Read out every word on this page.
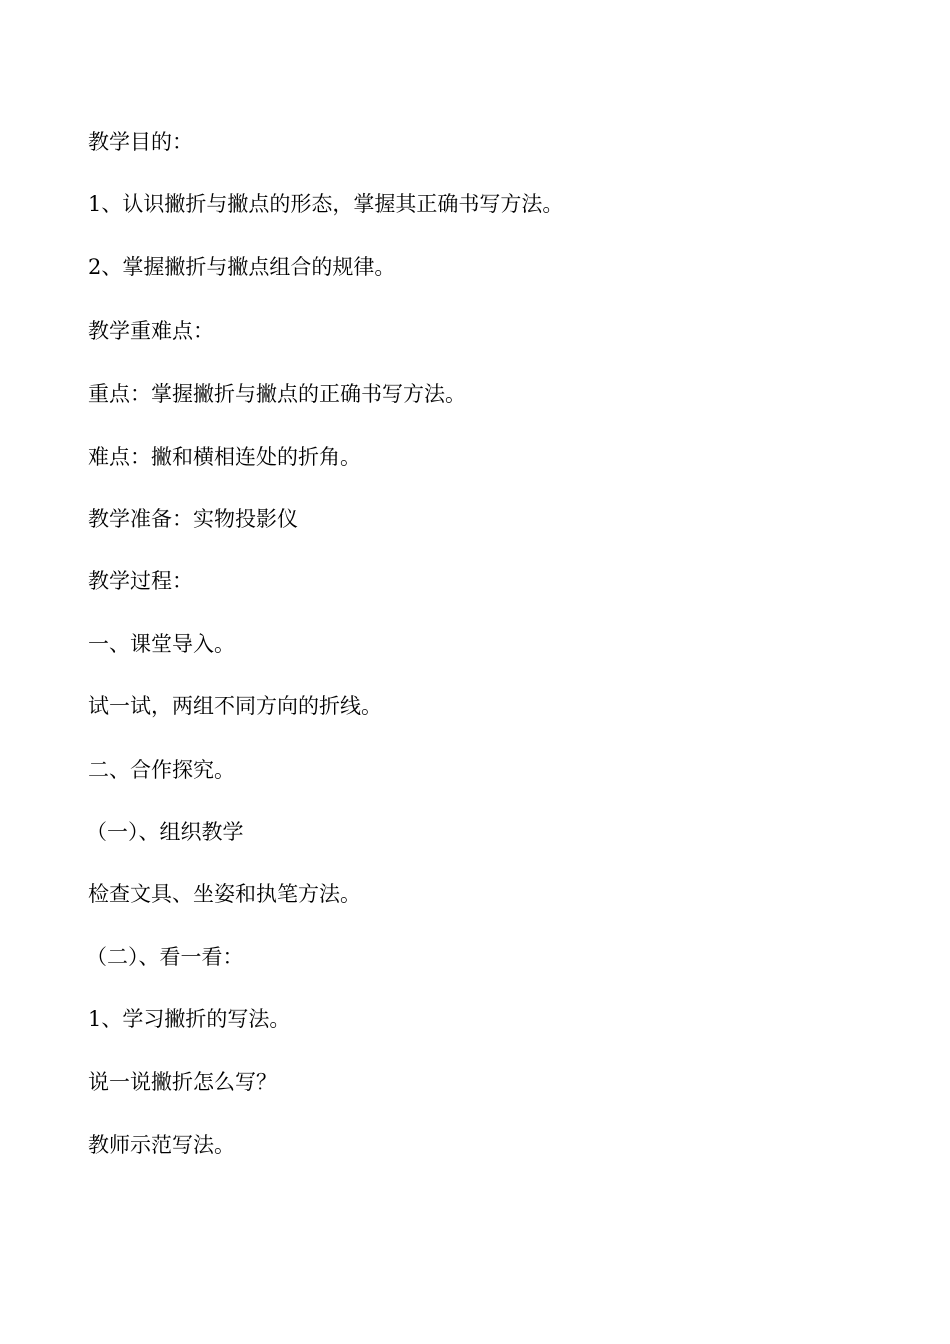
教学目的：

1、认识撇折与撇点的形态，掌握其正确书写方法。

2、掌握撇折与撇点组合的规律。

教学重难点：

重点：掌握撇折与撇点的正确书写方法。

难点：撇和横相连处的折角。

教学准备：实物投影仪

教学过程：

一、课堂导入。

试一试，两组不同方向的折线。

二、合作探究。

（一）、组织教学

检查文具、坐姿和执笔方法。

（二）、看一看：

1、学习撇折的写法。

说一说撇折怎么写？

教师示范写法。
